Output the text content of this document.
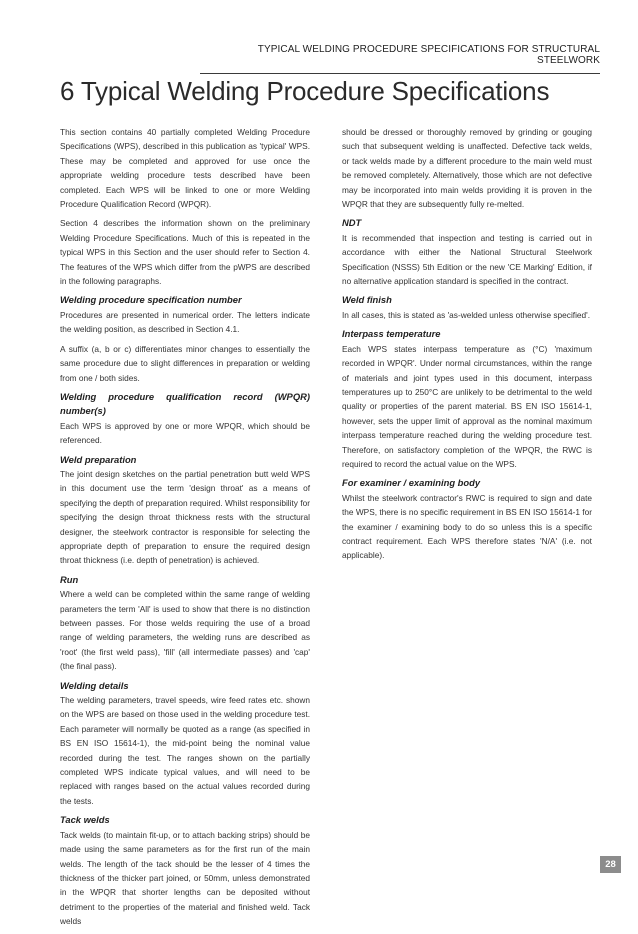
TYPICAL WELDING PROCEDURE SPECIFICATIONS FOR STRUCTURAL STEELWORK
6 Typical Welding Procedure Specifications

This section contains 40 partially completed Welding Procedure Specifications (WPS), described in this publication as 'typical' WPS. These may be completed and approved for use once the appropriate welding procedure tests described have been completed. Each WPS will be linked to one or more Welding Procedure Qualification Record (WPQR).

Section 4 describes the information shown on the preliminary Welding Procedure Specifications. Much of this is repeated in the typical WPS in this Section and the user should refer to Section 4. The features of the WPS which differ from the pWPS are described in the following paragraphs.

Welding procedure specification number

Procedures are presented in numerical order. The letters indicate the welding position, as described in Section 4.1.

A suffix (a, b or c) differentiates minor changes to essentially the same procedure due to slight differences in preparation or welding from one / both sides.

Welding procedure qualification record (WPQR)
number(s)

Each WPS is approved by one or more WPQR, which should be referenced.

Weld preparation

The joint design sketches on the partial penetration butt weld WPS in this document use the term 'design throat' as a means of specifying the depth of preparation required. Whilst responsibility for specifying the design throat thickness rests with the structural designer, the steelwork contractor is responsible for selecting the appropriate depth of preparation to ensure the required design throat thickness (i.e. depth of penetration) is achieved.

Run

Where a weld can be completed within the same range of welding parameters the term 'All' is used to show that there is no distinction between passes. For those welds requiring the use of a broad range of welding parameters, the welding runs are described as 'root' (the first weld pass), 'fill' (all intermediate passes) and 'cap' (the final pass).

Welding details

The welding parameters, travel speeds, wire feed rates etc. shown on the WPS are based on those used in the welding procedure test. Each parameter will normally be quoted as a range (as specified in BS EN ISO 15614-1), the mid-point being the nominal value recorded during the test. The ranges shown on the partially completed WPS indicate typical values, and will need to be replaced with ranges based on the actual values recorded during the tests.

Tack welds

Tack welds (to maintain fit-up, or to attach backing strips) should be made using the same parameters as for the first run of the main welds. The length of the tack should be the lesser of 4 times the thickness of the thicker part joined, or 50mm, unless demonstrated in the WPQR that shorter lengths can be deposited without detriment to the properties of the material and finished weld. Tack welds

should be dressed or thoroughly removed by grinding or gouging such that subsequent welding is unaffected. Defective tack welds, or tack welds made by a different procedure to the main weld must be removed completely. Alternatively, those which are not defective may be incorporated into main welds providing it is proven in the WPQR that they are subsequently fully re-melted.

NDT

It is recommended that inspection and testing is carried out in accordance with either the National Structural Steelwork Specification (NSSS) 5th Edition or the new 'CE Marking' Edition, if no alternative application standard is specified in the contract.

Weld finish

In all cases, this is stated as 'as-welded unless otherwise specified'.

Interpass temperature

Each WPS states interpass temperature as (°C) 'maximum recorded in WPQR'. Under normal circumstances, within the range of materials and joint types used in this document, interpass temperatures up to 250°C are unlikely to be detrimental to the weld quality or properties of the parent material. BS EN ISO 15614-1, however, sets the upper limit of approval as the nominal maximum interpass temperature reached during the welding procedure test. Therefore, on satisfactory completion of the WPQR, the RWC is required to record the actual value on the WPS.

For examiner / examining body

Whilst the steelwork contractor's RWC is required to sign and date the WPS, there is no specific requirement in BS EN ISO 15614-1 for the examiner / examining body to do so unless this is a specific contract requirement. Each WPS therefore states 'N/A' (i.e. not applicable).

28
